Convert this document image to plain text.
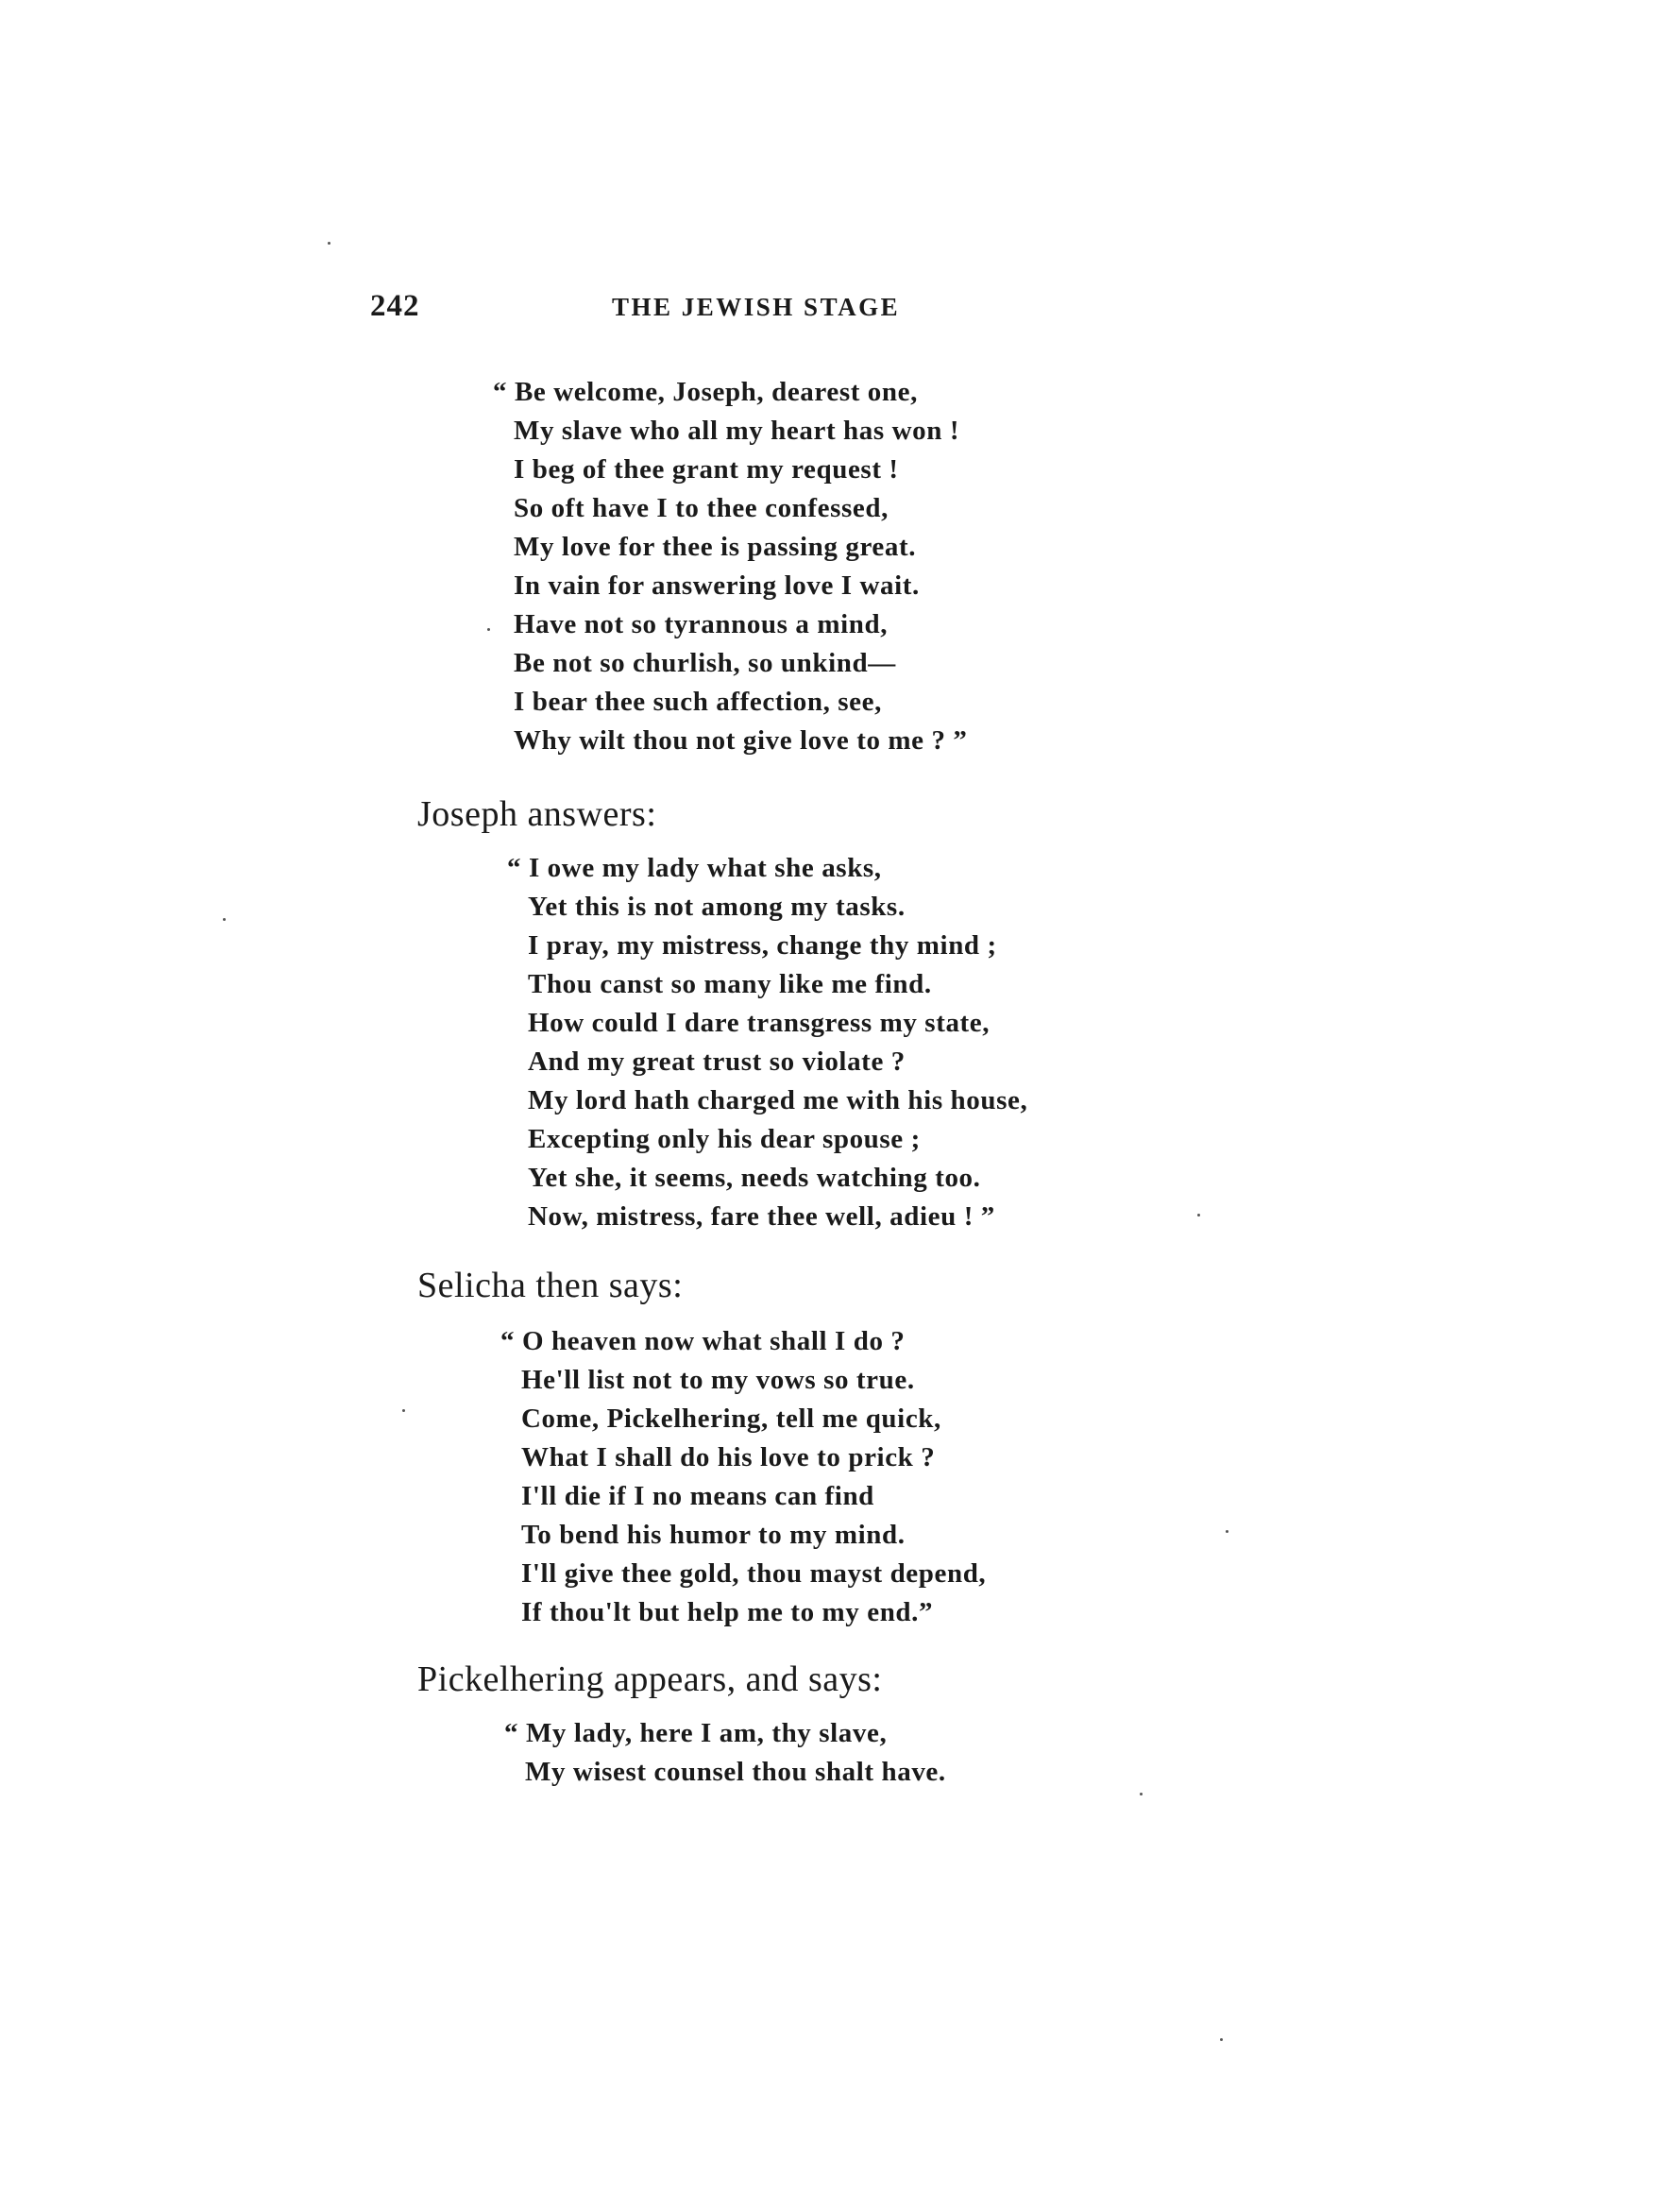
242	THE JEWISH STAGE
“ Be welcome, Joseph, dearest one,
My slave who all my heart has won !
I beg of thee grant my request !
So oft have I to thee confessed,
My love for thee is passing great.
In vain for answering love I wait.
Have not so tyrannous a mind,
Be not so churlish, so unkind—
I bear thee such affection, see,
Why wilt thou not give love to me ? ”
Joseph answers:
“ I owe my lady what she asks,
Yet this is not among my tasks.
I pray, my mistress, change thy mind ;
Thou canst so many like me find.
How could I dare transgress my state,
And my great trust so violate ?
My lord hath charged me with his house,
Excepting only his dear spouse ;
Yet she, it seems, needs watching too.
Now, mistress, fare thee well, adieu ! ”
Selicha then says:
“ O heaven now what shall I do ?
He'll list not to my vows so true.
Come, Pickelhering, tell me quick,
What I shall do his love to prick ?
I'll die if I no means can find
To bend his humor to my mind.
I'll give thee gold, thou mayst depend,
If thou'lt but help me to my end.”
Pickelhering appears, and says:
“ My lady, here I am, thy slave,
My wisest counsel thou shalt have.
